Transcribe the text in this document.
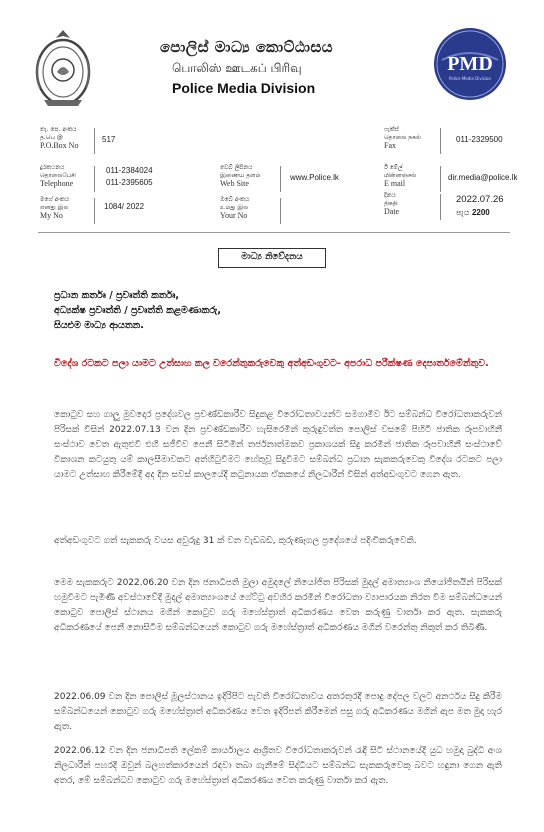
PMD
Police Media Division
පොලිස් මාධ්‍ය කොට්ඨාසය
பொலிஸ் ஊடகப் பிரிவு
Police Media Division
තැ. පෙ. අංකය
த.பெ @
P.O.Box No
517
ෆැක්ස්
தொலை நகல்
Fax
011-2329500
දුරකථනය
தொலைபேசி
Telephone
011-2384024
011-2395605
වෙබ් ලිපිනය
இணைய தளம்
Web Site
www.Police.lk
ඊ මේල්
மின்னஞ்சல்
E mail
dir.media@police.lk
මගේ අංකය
எனது இல
My No
1084/ 2022
ඔබේ අංකය
உமது இல
Your No
දිනය
திகதி
Date
2022.07.26
පැය 2200
මාධ්‍ය නිවේදනය
ප්‍රධාන කර්තෘ / ප්‍රවෘත්ති කර්තෘ,
අධ්‍යක්ෂ ප්‍රවෘත්ති / ප්‍රවෘත්ති කළමණාකරු,
සියළුම මාධ්‍ය ආයතන.
විදේශ රටකට පලා යාමට උත්සාහ කල වරෙන්තුකරුවෙකු අත්අඩංගුවට- අපරාධ පරීක්ෂණ දෙපාර්තමේන්තුව.
කොටුව සහ ගාලු මුවදොර ප්‍රදේශවල ප්‍රචණ්ඩකාරීව සිදුකළ විරෝධතාවයන්ට සමගාමීව ඊට සම්බන්ධ විරෝධතාකරුවන් පිරිසක් විසින් 2022.07.13 වන දින ප්‍රචණ්ඩකාරීව හැසිරෙමින් කුරුඳුවත්ත පොලිස් වසමේ පිහිටි ජාතික රූපවාහිනී සංස්ථාව වෙත ඇතුළුවී එහි සජීවීව පෙනී සිටිමින් තර්ජනාත්මකව ප්‍රකාශයක් සිදු කරමින් ජාතික රූපවාහිනී සංස්ථාවේ විකාශන කටයුතු යම් කාලසීමාවකට අත්හිටුවීමට හේතුවූ සිදුවීමට සම්බන්ධ ප්‍රධාන සැකකරුවෙකු විදේශ රටකට පලා යාමට උත්සාහ කිරීමේදී අද දින සවස් කාලයේදී කටුනායක ඒකකයේ නිලධාරීන් විසින් අත්අඩංගුවට ගෙන ඇත.
අත්අඩංගුවට ගත් සැකකරු වයස අවුරුදු 31 ක් වන වැඩබඩ, කුරුණෑගල ප්‍රදේශයේ පදිංචිකරුවෙකි.
මෙම සැකකරුට 2022.06.20 වන දින ජනාධිපති මුලා අමුදලේ නියෝජිත පිරිසක් මුදල් අමාත්‍යාංශ නියෝජිතයින් පිරිසක් හමුවීමට පැමිණි අවස්ථාවේදී මුදල් අමාත්‍යාංශයේ ගේට්ටු අවහිර කරමින් විරෝධතා ව්‍යාපාරයක නිරත වීම සම්බන්ධයෙන් කොටුව පොලිස් ස්ථානය මගින් කොටුව ගරු මහේස්ත්‍රාත් අධිකරණය වෙත කරුණු වාර්තා කර ඇත. සැකකරු අධිකරණයේ පෙනී නොසිටීම සම්බන්ධයෙන් කොටුව ගරු මහේස්ත්‍රාත් අධිකරණය මගින් වරෙන්තු නිකුත් කර තිබිණි.
2022.06.09 වන දින පොලිස් මූලස්ථානය ඉදිරිපිට පැවති විරෝධතාවය අතරතුරදී පොදු දේපල වලට අනර්ථය සිදු කිරීම සම්බන්ධයෙන් කොටුව ගරු මහේස්ත්‍රාත් අධිකරණය වෙත ඉදිරිපත් කිරීමෙන් පසු ගරු අධිකරණය මගින් ඇප මත මුදා හැර ඇත.
2022.06.12 වන දින ජනාධිපති ලේකම් කාර්යාලය ආශ්‍රිතව විරෝධතාකරුවන් රැඳී සිටි ස්ථානයේදී යුධ හමුදා බුද්ධි අංශ නිලධාරීන් පහරදී ඔවුන් බලහත්කාරයෙන් රඳවා තබා ගැනීමේ සිද්ධියට සම්බන්ධ සැකකරුවෙකු බවට හඳුනා ගෙන ඇති අතර, මේ සම්බන්ධව කොටුව ගරු මහේස්ත්‍රාත් අධිකරණය වෙත කරුණු වාර්තා කර ඇත.
